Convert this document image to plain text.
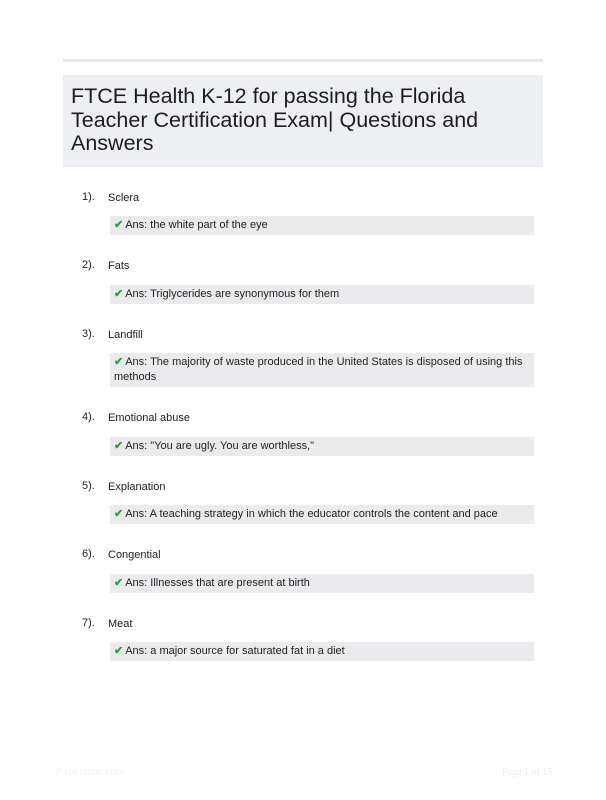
FTCE Health K-12 for passing the Florida Teacher Certification Exam| Questions and Answers
1). Sclera
✔ Ans: the white part of the eye
2). Fats
✔ Ans: Triglycerides are synonymous for them
3). Landfill
✔ Ans: The majority of waste produced in the United States is disposed of using this methods
4). Emotional abuse
✔ Ans: "You are ugly. You are worthless,"
5). Explanation
✔ Ans: A teaching strategy in which the educator controls the content and pace
6). Congential
✔ Ans: Illnesses that are present at birth
7). Meat
✔ Ans: a major source for saturated fat in a diet
Paperstitic.com	Page 1 of 15
